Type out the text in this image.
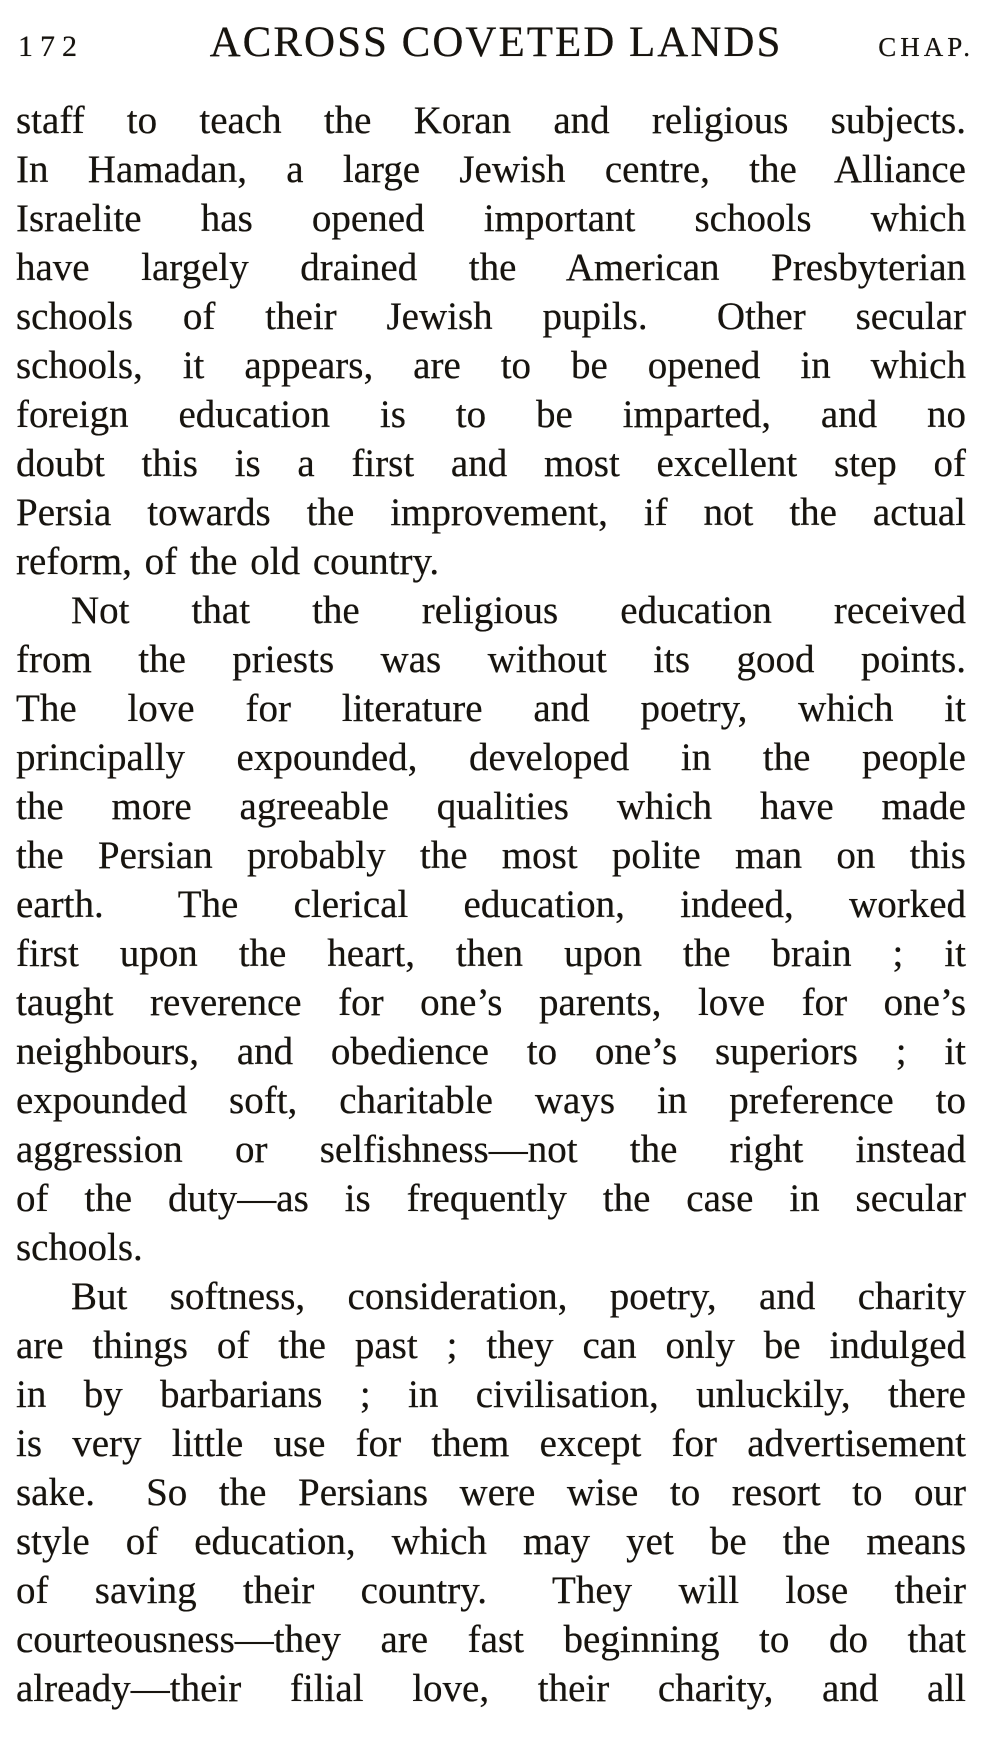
172	ACROSS COVETED LANDS	CHAP.
staff to teach the Koran and religious subjects.
In Hamadan, a large Jewish centre, the Alliance
Israelite has opened important schools which
have largely drained the American Presbyterian
schools of their Jewish pupils.  Other secular
schools, it appears, are to be opened in which
foreign education is to be imparted, and no
doubt this is a first and most excellent step of
Persia towards the improvement, if not the actual
reform, of the old country.
Not that the religious education received
from the priests was without its good points.
The love for literature and poetry, which it
principally expounded, developed in the people
the more agreeable qualities which have made
the Persian probably the most polite man on this
earth.  The clerical education, indeed, worked
first upon the heart, then upon the brain ; it
taught reverence for one’s parents, love for one’s
neighbours, and obedience to one’s superiors ; it
expounded soft, charitable ways in preference to
aggression or selfishness—not the right instead
of the duty—as is frequently the case in secular
schools.
But softness, consideration, poetry, and charity
are things of the past ; they can only be indulged
in by barbarians ; in civilisation, unluckily, there
is very little use for them except for advertisement
sake.  So the Persians were wise to resort to our
style of education, which may yet be the means
of saving their country.  They will lose their
courteousness—they are fast beginning to do that
already—their filial love, their charity, and all
